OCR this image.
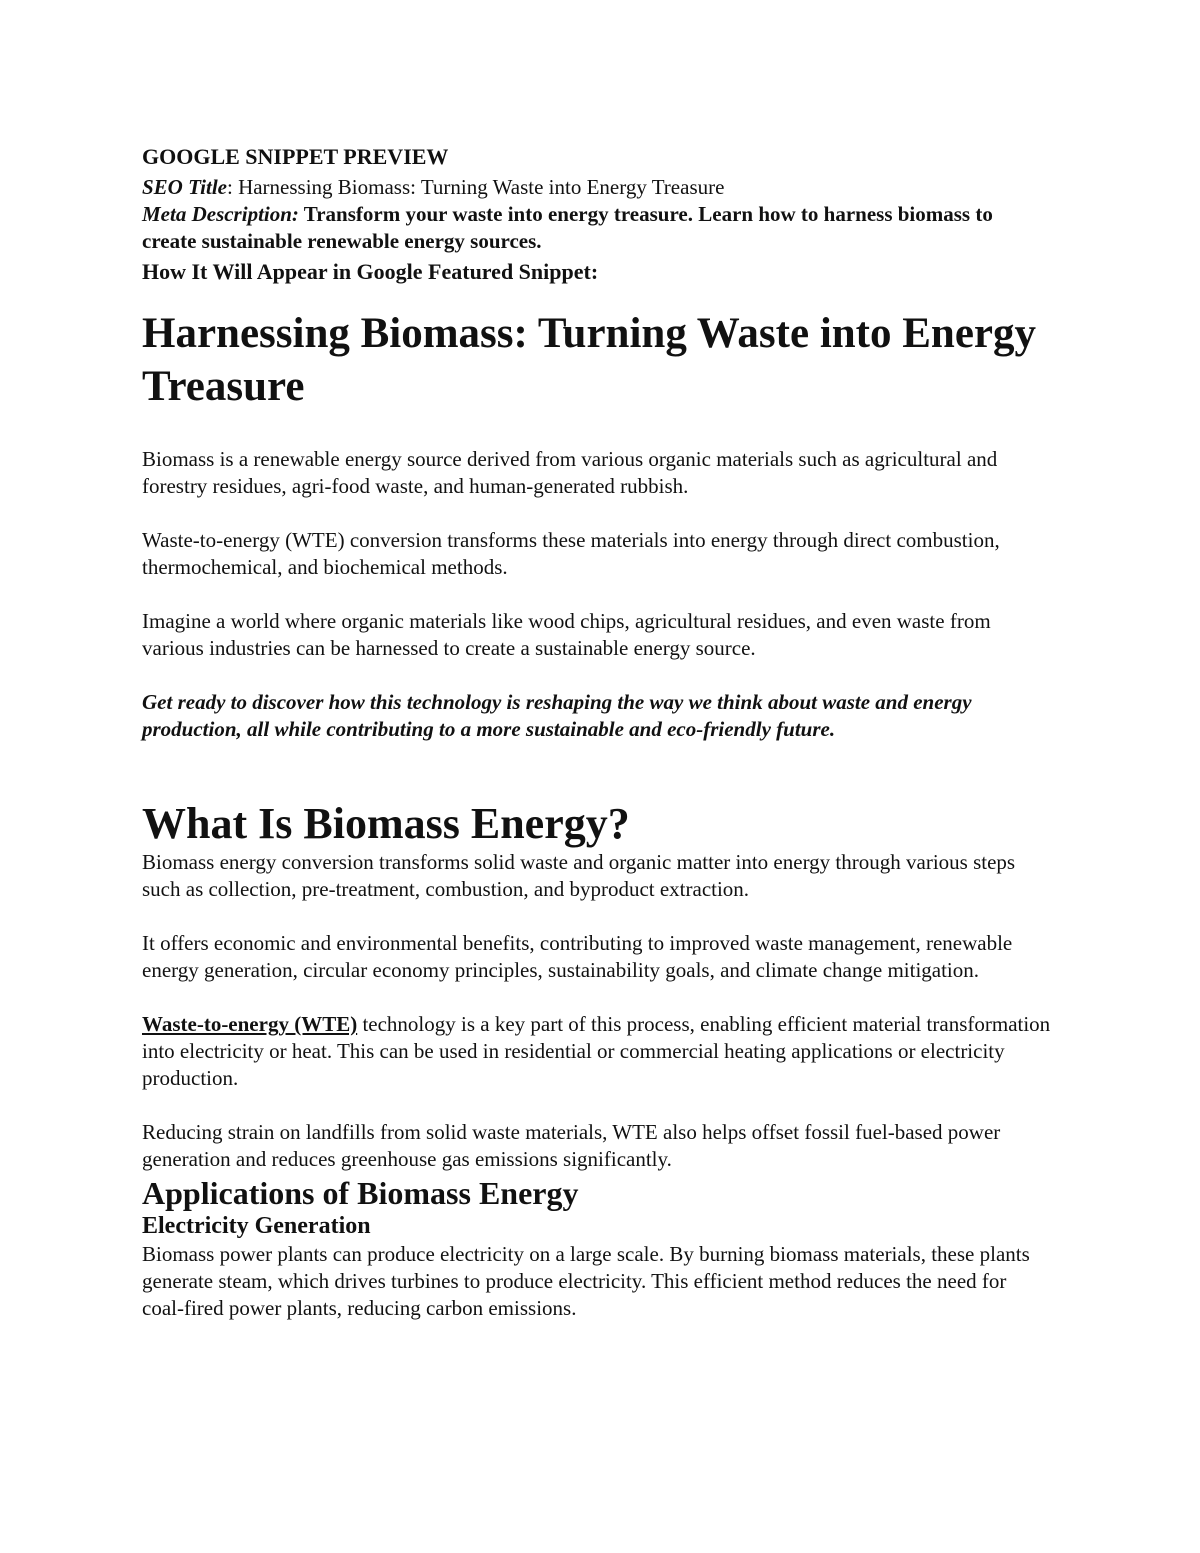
GOOGLE SNIPPET PREVIEW
SEO Title: Harnessing Biomass: Turning Waste into Energy Treasure
Meta Description: Transform your waste into energy treasure. Learn how to harness biomass to create sustainable renewable energy sources.
How It Will Appear in Google Featured Snippet:
Harnessing Biomass: Turning Waste into Energy Treasure

Biomass is a renewable energy source derived from various organic materials such as agricultural and forestry residues, agri-food waste, and human-generated rubbish.

Waste-to-energy (WTE) conversion transforms these materials into energy through direct combustion, thermochemical, and biochemical methods.

Imagine a world where organic materials like wood chips, agricultural residues, and even waste from various industries can be harnessed to create a sustainable energy source.

Get ready to discover how this technology is reshaping the way we think about waste and energy production, all while contributing to a more sustainable and eco-friendly future.

What Is Biomass Energy?

Biomass energy conversion transforms solid waste and organic matter into energy through various steps such as collection, pre-treatment, combustion, and byproduct extraction.

It offers economic and environmental benefits, contributing to improved waste management, renewable energy generation, circular economy principles, sustainability goals, and climate change mitigation.

Waste-to-energy (WTE) technology is a key part of this process, enabling efficient material transformation into electricity or heat. This can be used in residential or commercial heating applications or electricity production.

Reducing strain on landfills from solid waste materials, WTE also helps offset fossil fuel-based power generation and reduces greenhouse gas emissions significantly.

Applications of Biomass Energy
Electricity Generation

Biomass power plants can produce electricity on a large scale. By burning biomass materials, these plants generate steam, which drives turbines to produce electricity. This efficient method reduces the need for coal-fired power plants, reducing carbon emissions.
